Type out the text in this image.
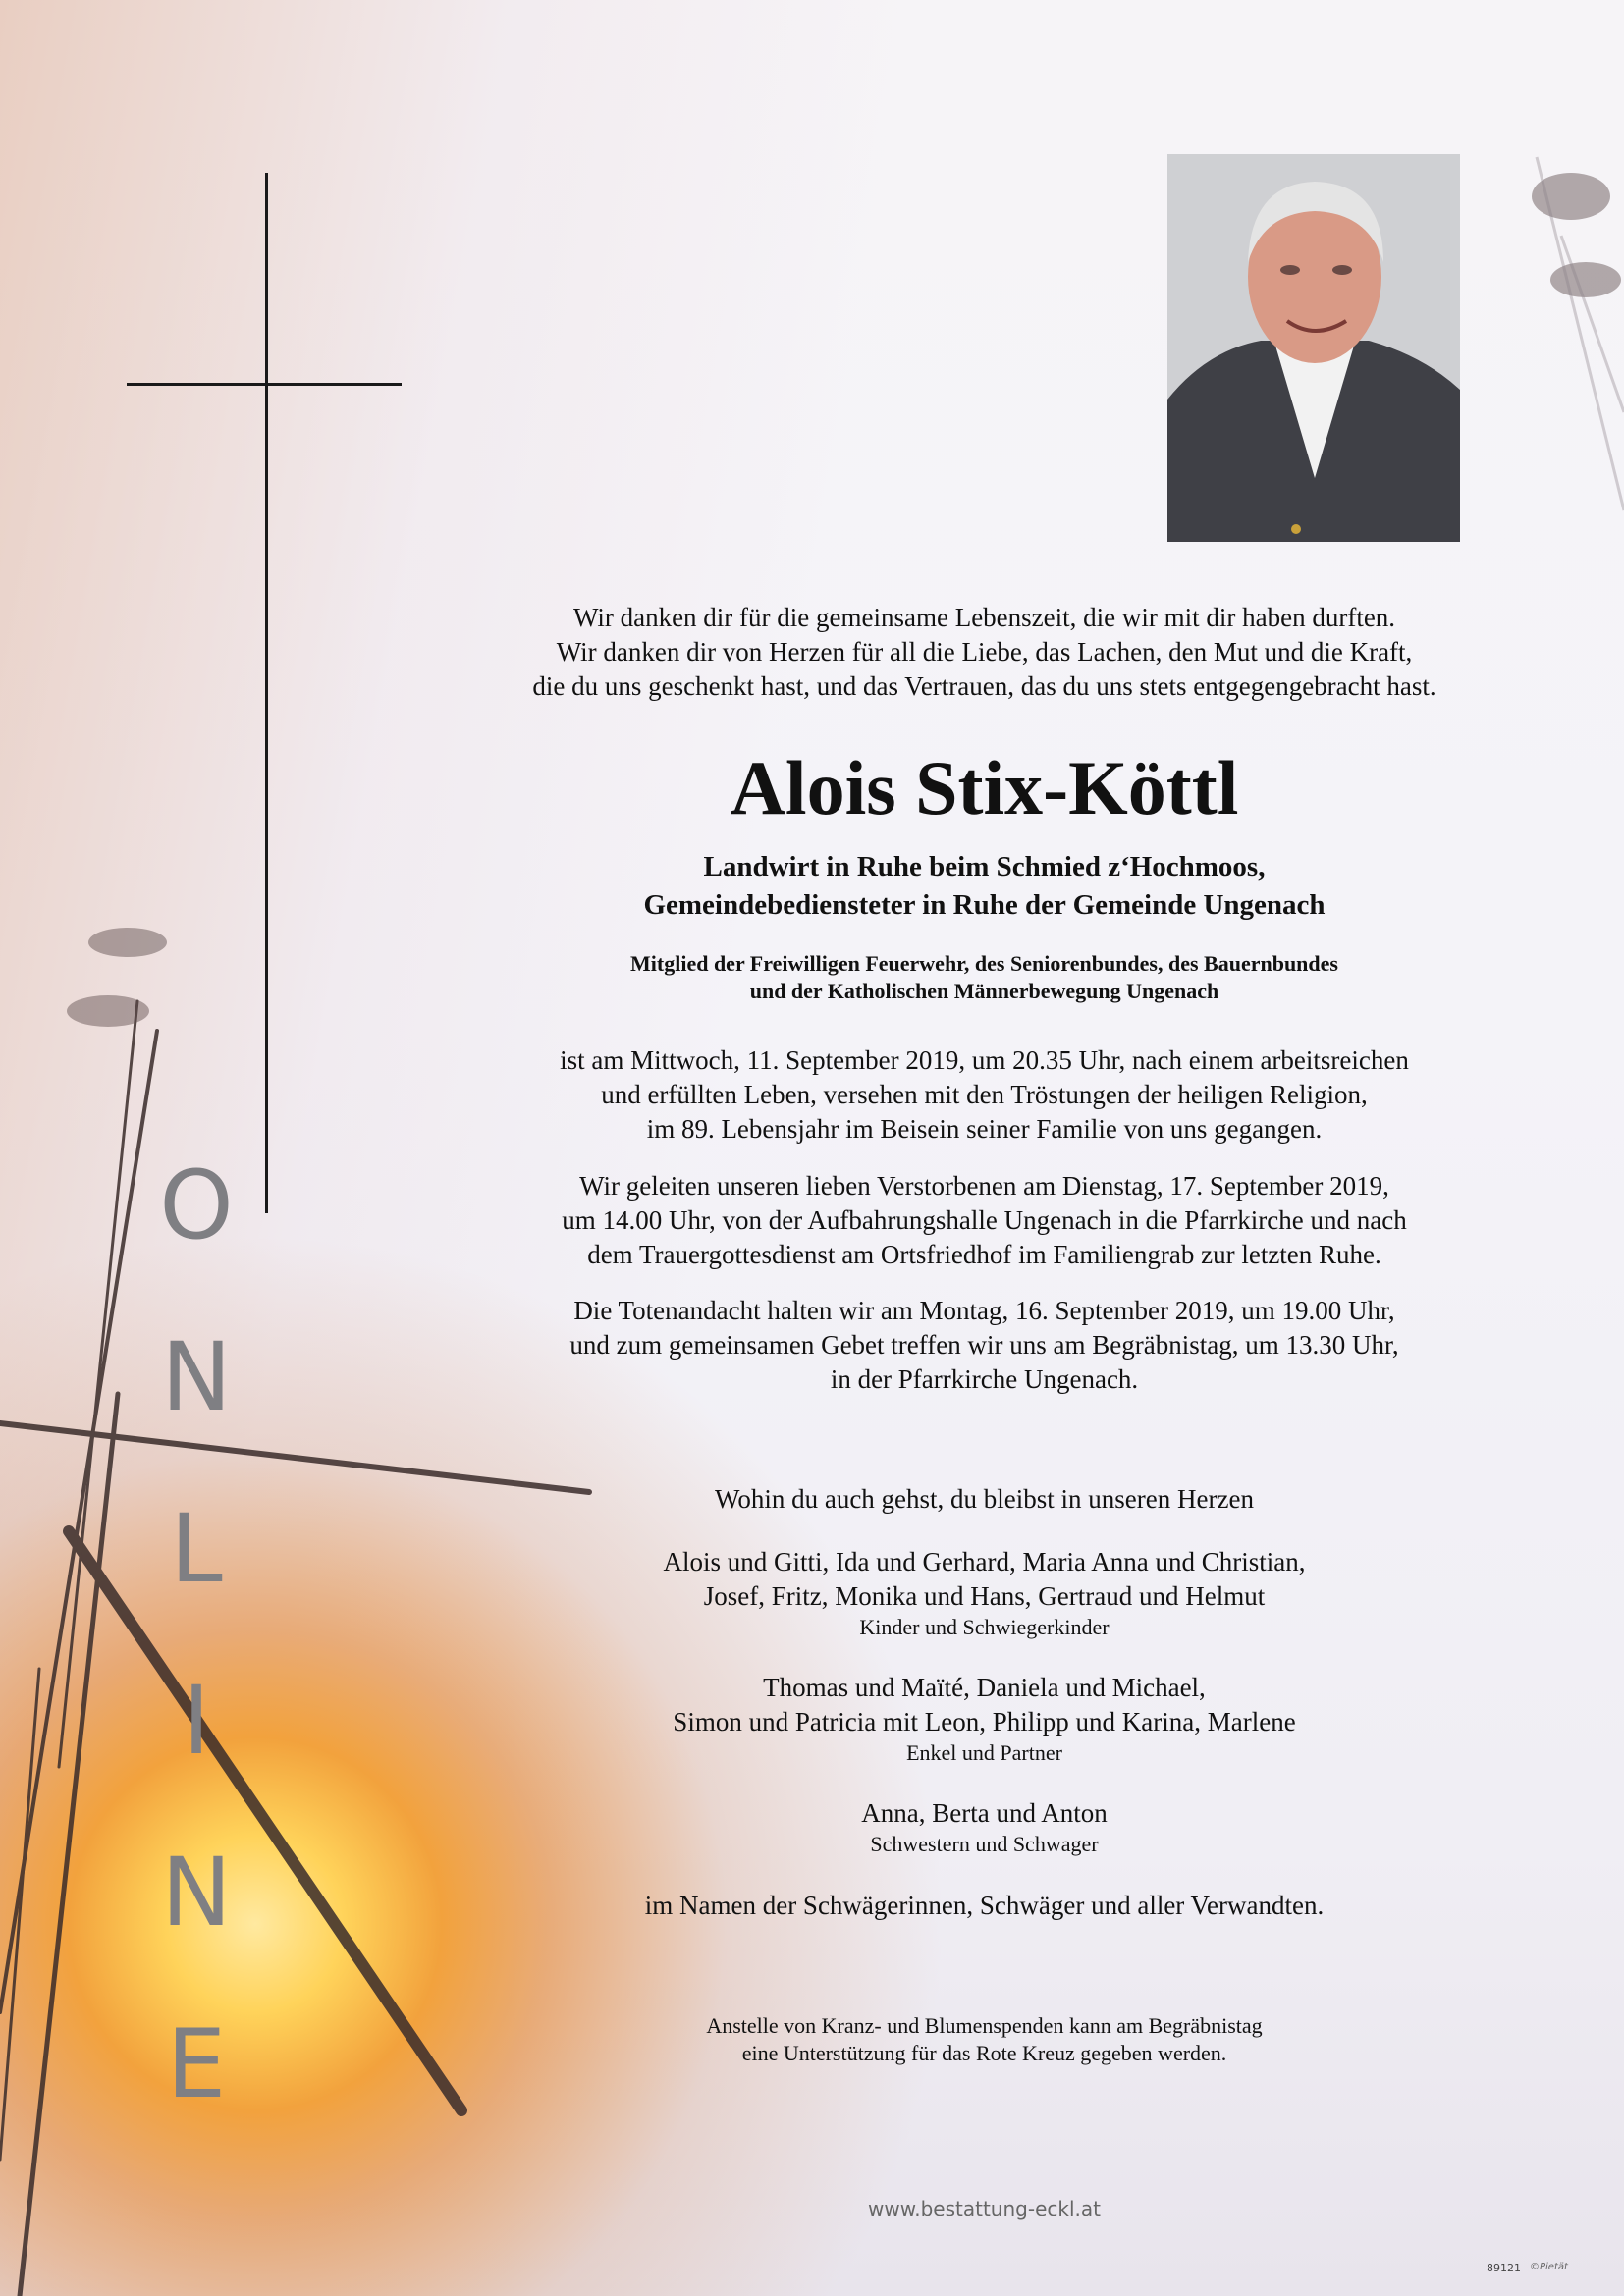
O
N
L
I
N
E
Wir danken dir für die gemeinsame Lebenszeit, die wir mit dir haben durften.
Wir danken dir von Herzen für all die Liebe, das Lachen, den Mut und die Kraft,
die du uns geschenkt hast, und das Vertrauen, das du uns stets entgegengebracht hast.
Alois Stix-Köttl
Landwirt in Ruhe beim Schmied z‘Hochmoos,
Gemeindebediensteter in Ruhe der Gemeinde Ungenach
Mitglied der Freiwilligen Feuerwehr, des Seniorenbundes, des Bauernbundes
und der Katholischen Männerbewegung Ungenach
ist am Mittwoch, 11. September 2019, um 20.35 Uhr, nach einem arbeitsreichen
und erfüllten Leben, versehen mit den Tröstungen der heiligen Religion,
im 89. Lebensjahr im Beisein seiner Familie von uns gegangen.
Wir geleiten unseren lieben Verstorbenen am Dienstag, 17. September 2019,
um 14.00 Uhr, von der Aufbahrungshalle Ungenach in die Pfarrkirche und nach
dem Trauergottesdienst am Ortsfriedhof im Familiengrab zur letzten Ruhe.
Die Totenandacht halten wir am Montag, 16. September 2019, um 19.00 Uhr,
und zum gemeinsamen Gebet treffen wir uns am Begräbnistag, um 13.30 Uhr,
in der Pfarrkirche Ungenach.
Wohin du auch gehst, du bleibst in unseren Herzen
Alois und Gitti, Ida und Gerhard, Maria Anna und Christian,
Josef, Fritz, Monika und Hans, Gertraud und Helmut
Kinder und Schwiegerkinder
Thomas und Maïté, Daniela und Michael,
Simon und Patricia mit Leon, Philipp und Karina, Marlene
Enkel und Partner
Anna, Berta und Anton
Schwestern und Schwager
im Namen der Schwägerinnen, Schwäger und aller Verwandten.
Anstelle von Kranz- und Blumenspenden kann am Begräbnistag
eine Unterstützung für das Rote Kreuz gegeben werden.
www.bestattung-eckl.at
89121 ©Pietät
